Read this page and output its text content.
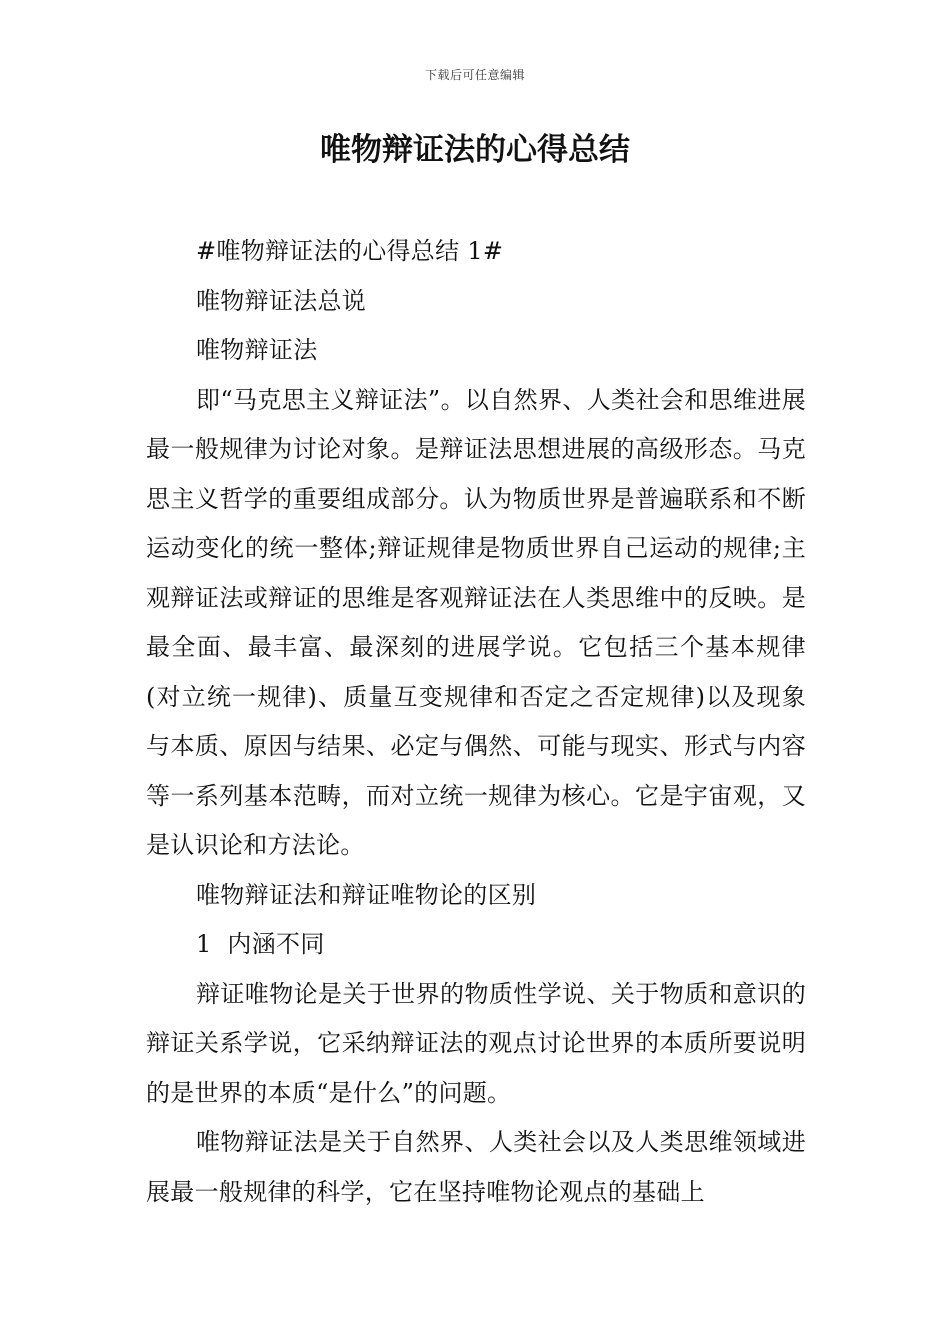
下载后可任意编辑
唯物辩证法的心得总结

#唯物辩证法的心得总结 1#

唯物辩证法总说

唯物辩证法

即“马克思主义辩证法”。以自然界、人类社会和思维进展最一般规律为讨论对象。是辩证法思想进展的高级形态。马克思主义哲学的重要组成部分。认为物质世界是普遍联系和不断运动变化的统一整体;辩证规律是物质世界自己运动的规律;主观辩证法或辩证的思维是客观辩证法在人类思维中的反映。是最全面、最丰富、最深刻的进展学说。它包括三个基本规律(对立统一规律)、质量互变规律和否定之否定规律)以及现象与本质、原因与结果、必定与偶然、可能与现实、形式与内容等一系列基本范畴，而对立统一规律为核心。它是宇宙观，又是认识论和方法论。

唯物辩证法和辩证唯物论的区别

1  内涵不同

辩证唯物论是关于世界的物质性学说、关于物质和意识的辩证关系学说，它采纳辩证法的观点讨论世界的本质所要说明的是世界的本质“是什么”的问题。

唯物辩证法是关于自然界、人类社会以及人类思维领域进展最一般规律的科学，它在坚持唯物论观点的基础上
